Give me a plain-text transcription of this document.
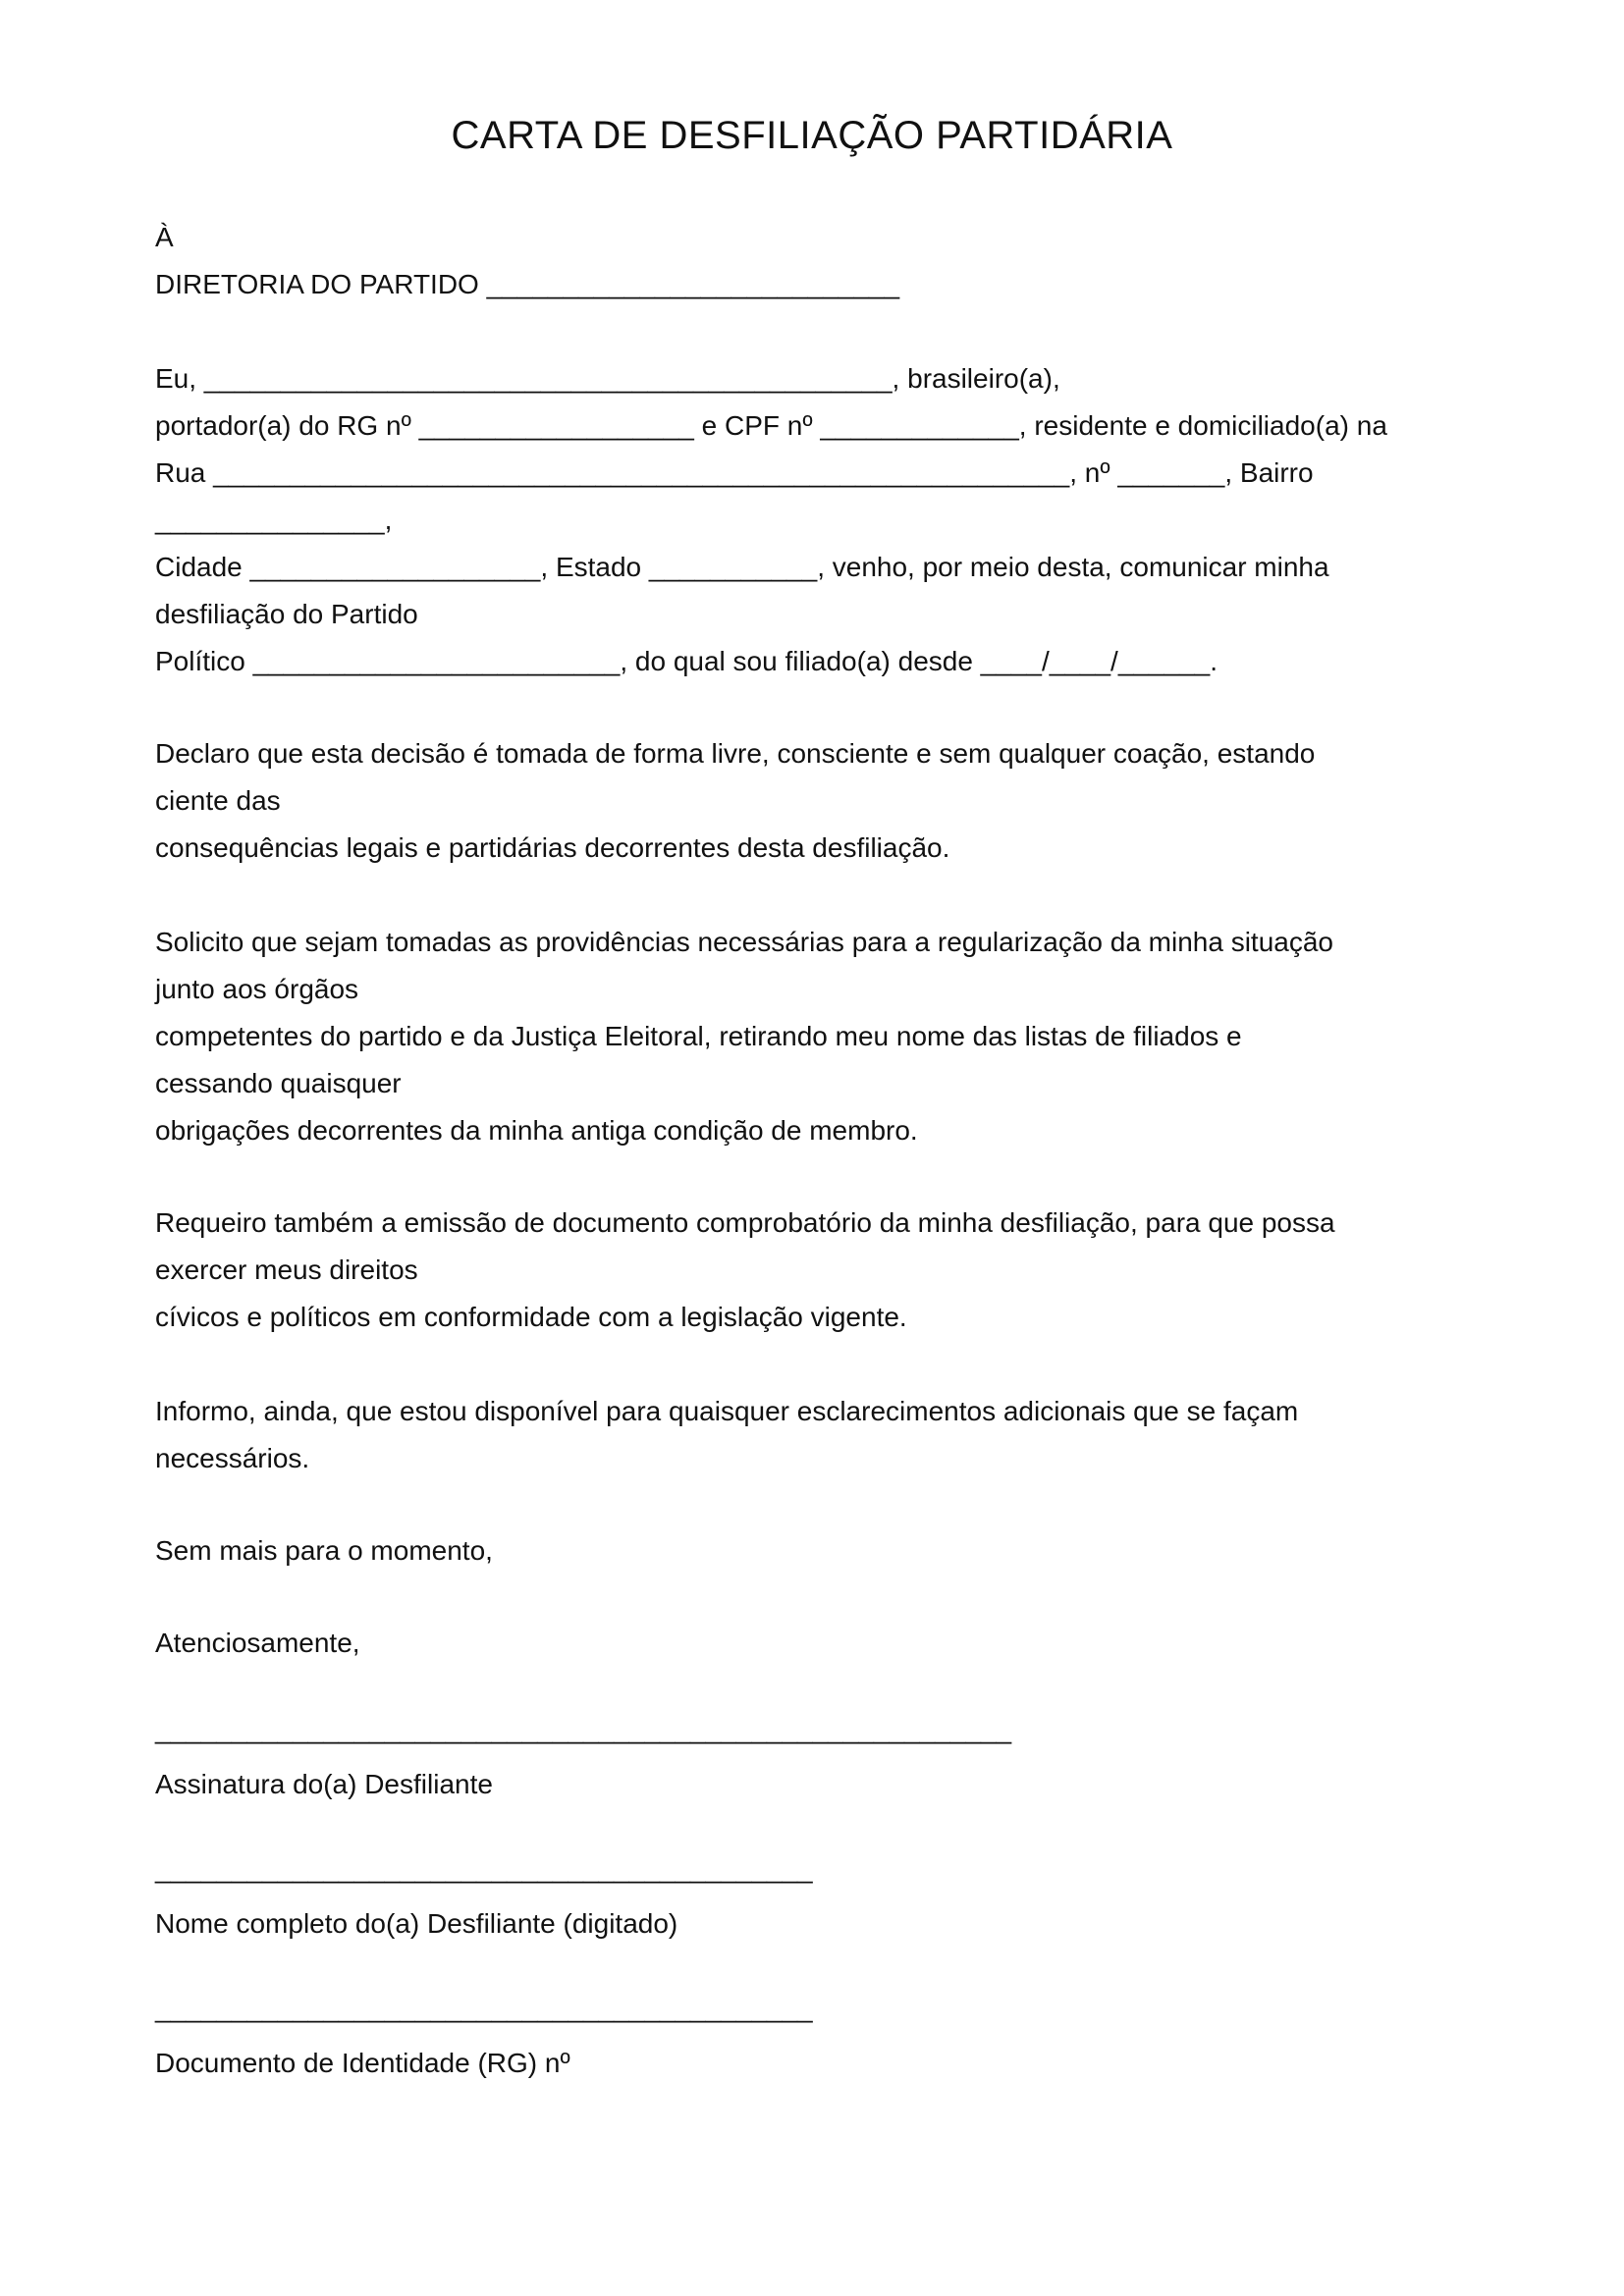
CARTA DE DESFILIAÇÃO PARTIDÁRIA

À

DIRETORIA DO PARTIDO ___________________________

Eu, _____________________________________________, brasileiro(a),

portador(a) do RG nº __________________ e CPF nº _____________, residente e domiciliado(a) na

Rua ________________________________________________________, nº _______, Bairro

_______________,

Cidade ___________________, Estado ___________, venho, por meio desta, comunicar minha

desfiliação do Partido

Político ________________________, do qual sou filiado(a) desde ____/____/______.

Declaro que esta decisão é tomada de forma livre, consciente e sem qualquer coação, estando

ciente das

consequências legais e partidárias decorrentes desta desfiliação.

Solicito que sejam tomadas as providências necessárias para a regularização da minha situação

junto aos órgãos

competentes do partido e da Justiça Eleitoral, retirando meu nome das listas de filiados e

cessando quaisquer

obrigações decorrentes da minha antiga condição de membro.

Requeiro também a emissão de documento comprobatório da minha desfiliação, para que possa

exercer meus direitos

cívicos e políticos em conformidade com a legislação vigente.

Informo, ainda, que estou disponível para quaisquer esclarecimentos adicionais que se façam

necessários.

Sem mais para o momento,

Atenciosamente,

________________________________________________________

Assinatura do(a) Desfiliante

___________________________________________

Nome completo do(a) Desfiliante (digitado)

___________________________________________

Documento de Identidade (RG) nº
